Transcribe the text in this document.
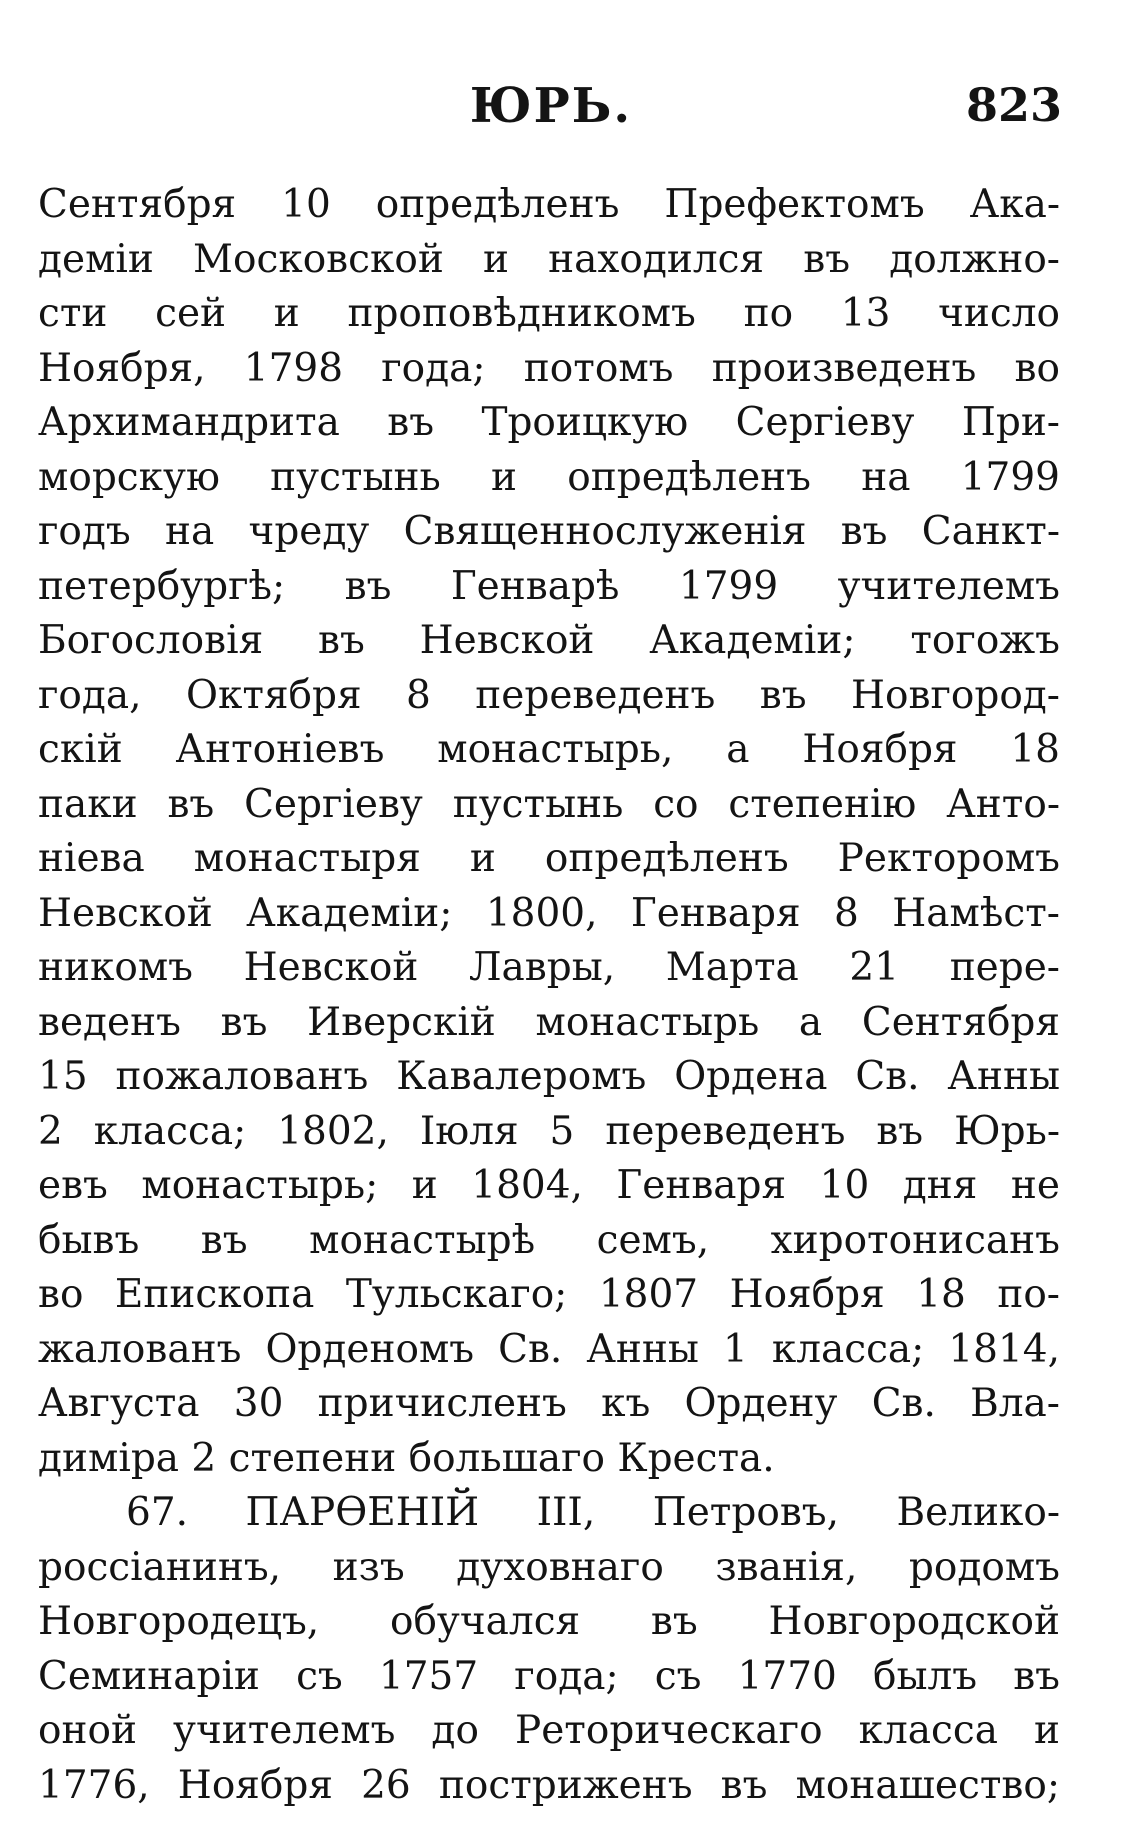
ЮРЬ.	823
Сентября 10 опредѣленъ Префектомъ Ака-
деміи Московской и находился въ должно-
сти сей и проповѣдникомъ по 13 число
Ноября, 1798 года; потомъ произведенъ во
Архимандрита въ Троицкую Сергіеву При-
морскую пустынь и опредѣленъ на 1799
годъ на чреду Священнослуженія въ Санкт-
петербургѣ; въ Генварѣ 1799 учителемъ
Богословія въ Невской Академіи; тогожъ
года, Октября 8 переведенъ въ Новгород-
скій Антоніевъ монастырь, а Ноября 18
паки въ Сергіеву пустынь со степенію Анто-
ніева монастыря и опредѣленъ Ректоромъ
Невской Академіи; 1800, Генваря 8 Намѣст-
никомъ Невской Лавры, Марта 21 пере-
веденъ въ Иверскій монастырь а Сентября
15 пожалованъ Кавалеромъ Ордена Св. Анны
2 класса; 1802, Іюля 5 переведенъ въ Юрь-
евъ монастырь; и 1804, Генваря 10 дня не
бывъ въ монастырѣ семъ, хиротонисанъ
во Епископа Тульскаго; 1807 Ноября 18 по-
жалованъ Орденомъ Св. Анны 1 класса; 1814,
Августа 30 причисленъ къ Ордену Св. Вла-
диміра 2 степени большаго Креста.
67. ПАРѲЕНІЙ III, Петровъ, Велико-
россіанинъ, изъ духовнаго званія, родомъ
Новгородецъ, обучался въ Новгородской
Семинаріи съ 1757 года; съ 1770 былъ въ
оной учителемъ до Реторическаго класса и
1776, Ноября 26 постриженъ въ монашество;
